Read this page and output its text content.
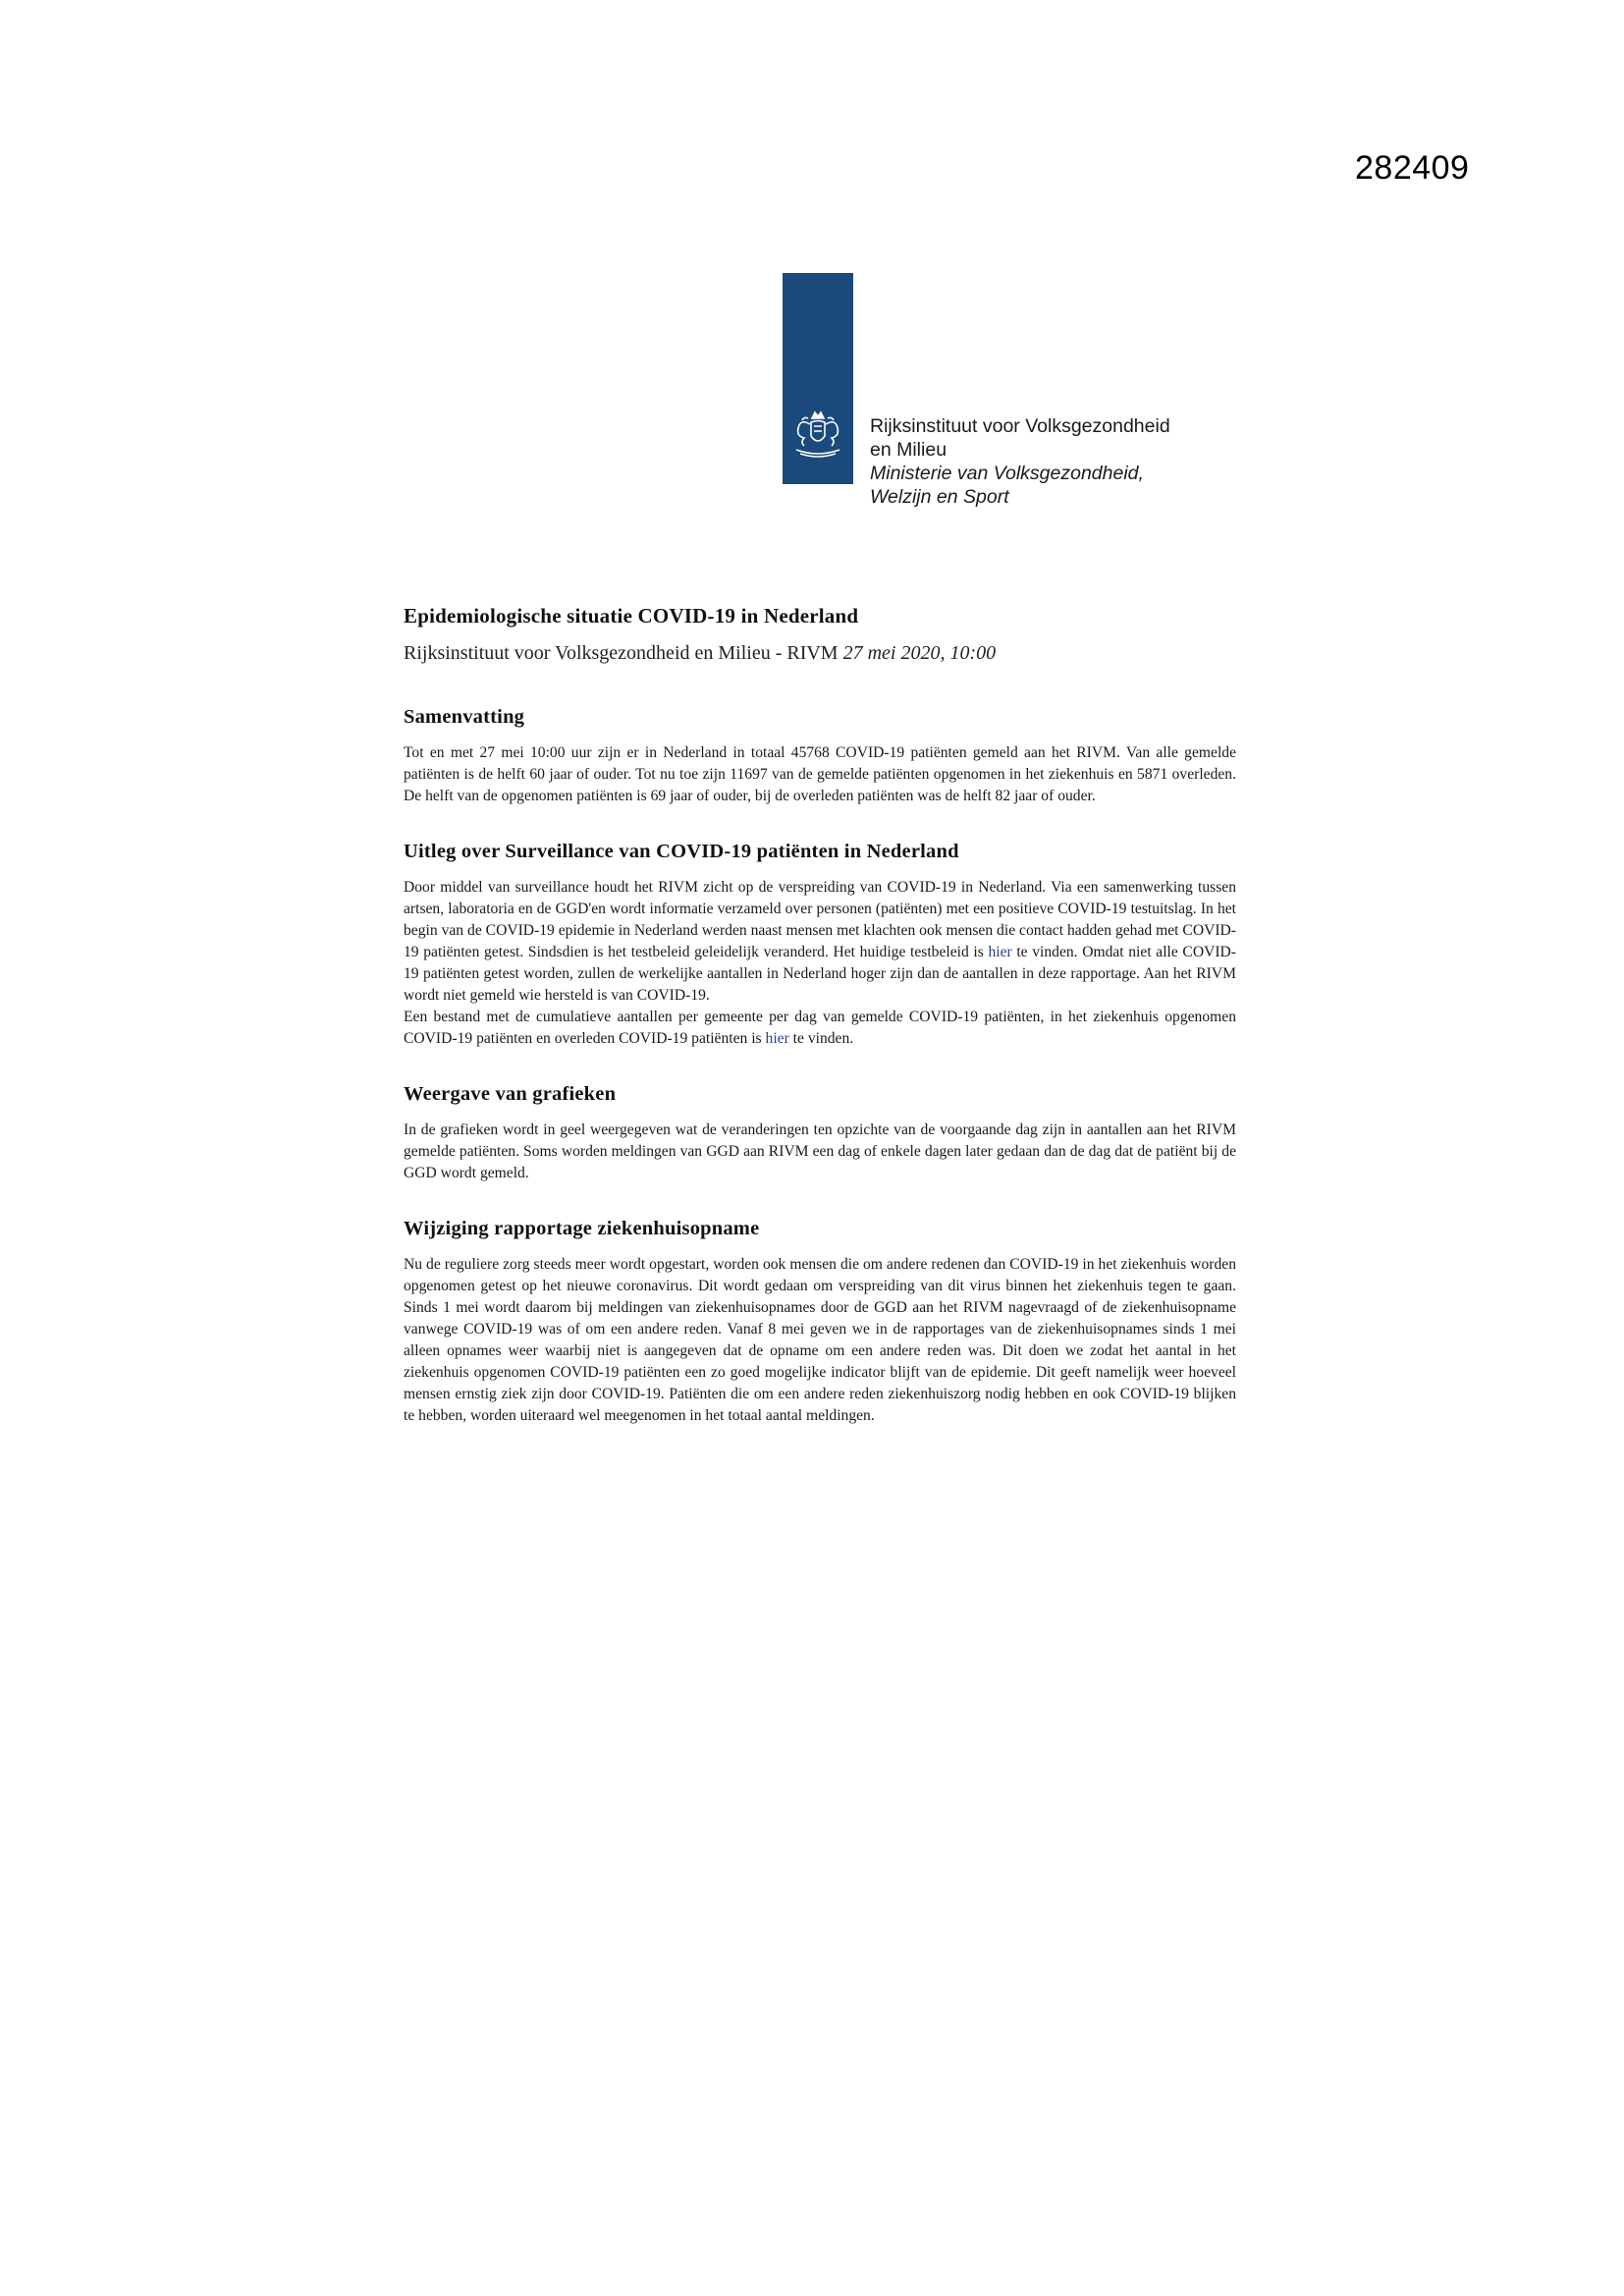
282409
Rijksinstituut voor Volksgezondheid
en Milieu
Ministerie van Volksgezondheid,
Welzijn en Sport
Epidemiologische situatie COVID-19 in Nederland
Rijksinstituut voor Volksgezondheid en Milieu - RIVM 27 mei 2020, 10:00
Samenvatting

Tot en met 27 mei 10:00 uur zijn er in Nederland in totaal 45768 COVID-19 patiënten gemeld aan het RIVM. Van alle gemelde patiënten is de helft 60 jaar of ouder. Tot nu toe zijn 11697 van de gemelde patiënten opgenomen in het ziekenhuis en 5871 overleden. De helft van de opgenomen patiënten is 69 jaar of ouder, bij de overleden patiënten was de helft 82 jaar of ouder.

Uitleg over Surveillance van COVID-19 patiënten in Nederland

Door middel van surveillance houdt het RIVM zicht op de verspreiding van COVID-19 in Nederland. Via een samenwerking tussen artsen, laboratoria en de GGD'en wordt informatie verzameld over personen (patiënten) met een positieve COVID-19 testuitslag. In het begin van de COVID-19 epidemie in Nederland werden naast mensen met klachten ook mensen die contact hadden gehad met COVID-19 patiënten getest. Sindsdien is het testbeleid geleidelijk veranderd. Het huidige testbeleid is hier te vinden. Omdat niet alle COVID-19 patiënten getest worden, zullen de werkelijke aantallen in Nederland hoger zijn dan de aantallen in deze rapportage. Aan het RIVM wordt niet gemeld wie hersteld is van COVID-19.
Een bestand met de cumulatieve aantallen per gemeente per dag van gemelde COVID-19 patiënten, in het ziekenhuis opgenomen COVID-19 patiënten en overleden COVID-19 patiënten is hier te vinden.

Weergave van grafieken

In de grafieken wordt in geel weergegeven wat de veranderingen ten opzichte van de voorgaande dag zijn in aantallen aan het RIVM gemelde patiënten. Soms worden meldingen van GGD aan RIVM een dag of enkele dagen later gedaan dan de dag dat de patiënt bij de GGD wordt gemeld.

Wijziging rapportage ziekenhuisopname

Nu de reguliere zorg steeds meer wordt opgestart, worden ook mensen die om andere redenen dan COVID-19 in het ziekenhuis worden opgenomen getest op het nieuwe coronavirus. Dit wordt gedaan om verspreiding van dit virus binnen het ziekenhuis tegen te gaan. Sinds 1 mei wordt daarom bij meldingen van ziekenhuisopnames door de GGD aan het RIVM nagevraagd of de ziekenhuisopname vanwege COVID-19 was of om een andere reden. Vanaf 8 mei geven we in de rapportages van de ziekenhuisopnames sinds 1 mei alleen opnames weer waarbij niet is aangegeven dat de opname om een andere reden was. Dit doen we zodat het aantal in het ziekenhuis opgenomen COVID-19 patiënten een zo goed mogelijke indicator blijft van de epidemie. Dit geeft namelijk weer hoeveel mensen ernstig ziek zijn door COVID-19. Patiënten die om een andere reden ziekenhuiszorg nodig hebben en ook COVID-19 blijken te hebben, worden uiteraard wel meegenomen in het totaal aantal meldingen.
